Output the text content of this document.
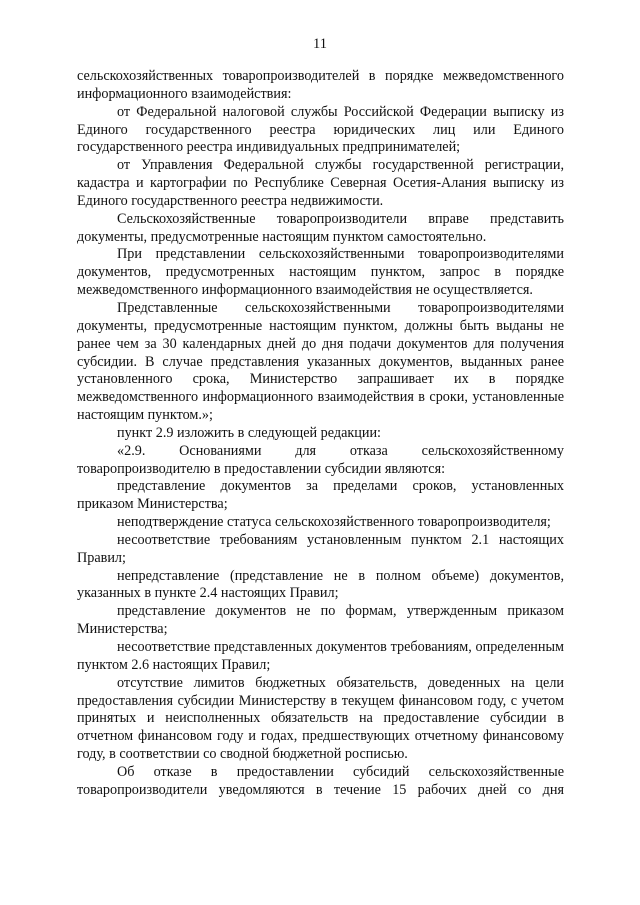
11

сельскохозяйственных товаропроизводителей в порядке межведомственного информационного взаимодействия:

от Федеральной налоговой службы Российской Федерации выписку из Единого государственного реестра юридических лиц или Единого государственного реестра индивидуальных предпринимателей;

от Управления Федеральной службы государственной регистрации, кадастра и картографии по Республике Северная Осетия-Алания выписку из Единого государственного реестра недвижимости.

Сельскохозяйственные товаропроизводители вправе представить документы, предусмотренные настоящим пунктом самостоятельно.

При представлении сельскохозяйственными товаропроизводителями документов, предусмотренных настоящим пунктом, запрос в порядке межведомственного информационного взаимодействия не осуществляется.

Представленные сельскохозяйственными товаропроизводителями документы, предусмотренные настоящим пунктом, должны быть выданы не ранее чем за 30 календарных дней до дня подачи документов для получения субсидии. В случае представления указанных документов, выданных ранее установленного срока, Министерство запрашивает их в порядке межведомственного информационного взаимодействия в сроки, установленные настоящим пунктом.»;

пункт 2.9 изложить в следующей редакции:

«2.9. Основаниями для отказа сельскохозяйственному товаропроизводителю в предоставлении субсидии являются:

представление документов за пределами сроков, установленных приказом Министерства;

неподтверждение статуса сельскохозяйственного товаропроизводителя;

несоответствие требованиям установленным пунктом 2.1 настоящих Правил;

непредставление (представление не в полном объеме) документов, указанных в пункте 2.4 настоящих Правил;

представление документов не по формам, утвержденным приказом Министерства;

несоответствие представленных документов требованиям, определенным пунктом 2.6 настоящих Правил;

отсутствие лимитов бюджетных обязательств, доведенных на цели предоставления субсидии Министерству в текущем финансовом году, с учетом принятых и неисполненных обязательств на предоставление субсидии в отчетном финансовом году и годах, предшествующих отчетному финансовому году, в соответствии со сводной бюджетной росписью.

Об отказе в предоставлении субсидий сельскохозяйственные товаропроизводители уведомляются в течение 15 рабочих дней со дня
